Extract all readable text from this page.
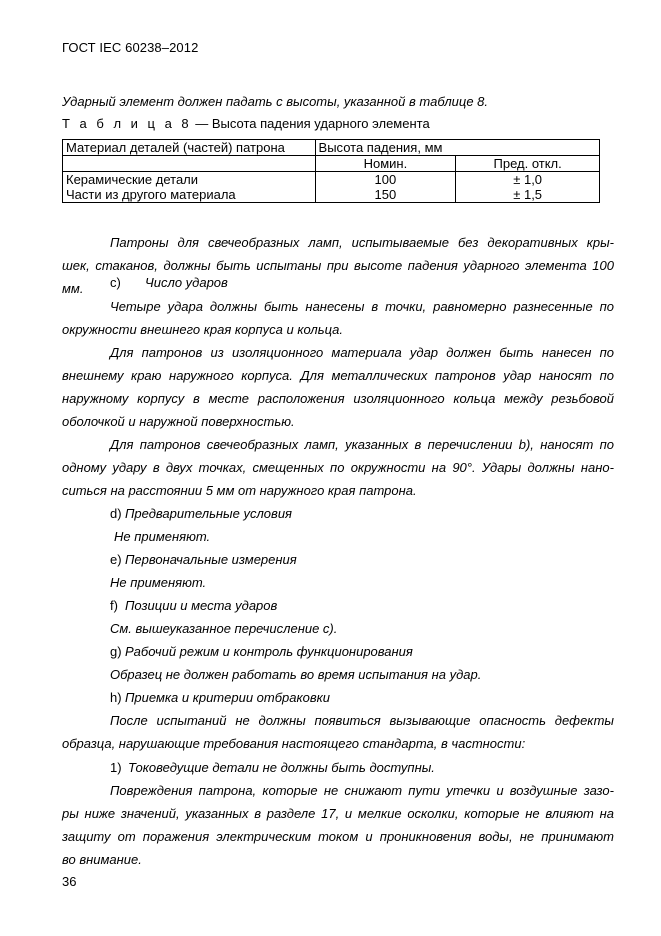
ГОСТ IEC 60238–2012
Ударный элемент должен падать с высоты, указанной в таблице 8.
Т а б л и ц а 8 — Высота падения ударного элемента
Материал деталей (частей) патрона	Высота падения, мм	
	Номин.	Пред. откл.
Керамические детали	100	± 1,0
Части из другого материала	150	± 1,5
Патроны для свечеобразных ламп, испытываемые без декоративных кры-
шек, стаканов, должны быть испытаны при высоте падения ударного элемента 100
мм. c) Число ударов
Четыре удара должны быть нанесены в точки, равномерно разнесенные по
окружности внешнего края корпуса и кольца.
Для патронов из изоляционного материала удар должен быть нанесен по
внешнему краю наружного корпуса. Для металлических патронов удар наносят по
наружному корпусу в месте расположения изоляционного кольца между резьбовой
оболочкой и наружной поверхностью.
Для патронов свечеобразных ламп, указанных в перечислении b), наносят по
одному удару в двух точках, смещенных по окружности на 90°. Удары должны нано-
ситься на расстоянии 5 мм от наружного края патрона.
d) Предварительные условия
Не применяют.
e) Первоначальные измерения
Не применяют.
f) Позиции и места ударов
См. вышеуказанное перечисление c).
g) Рабочий режим и контроль функционирования
Образец не должен работать во время испытания на удар.
h) Приемка и критерии отбраковки
После испытаний не должны появиться вызывающие опасность дефекты
образца, нарушающие требования настоящего стандарта, в частности:
1) Токоведущие детали не должны быть доступны.
Повреждения патрона, которые не снижают пути утечки и воздушные зазо-
ры ниже значений, указанных в разделе 17, и мелкие осколки, которые не влияют на
защиту от поражения электрическим током и проникновения воды, не принимают
во внимание.
36
